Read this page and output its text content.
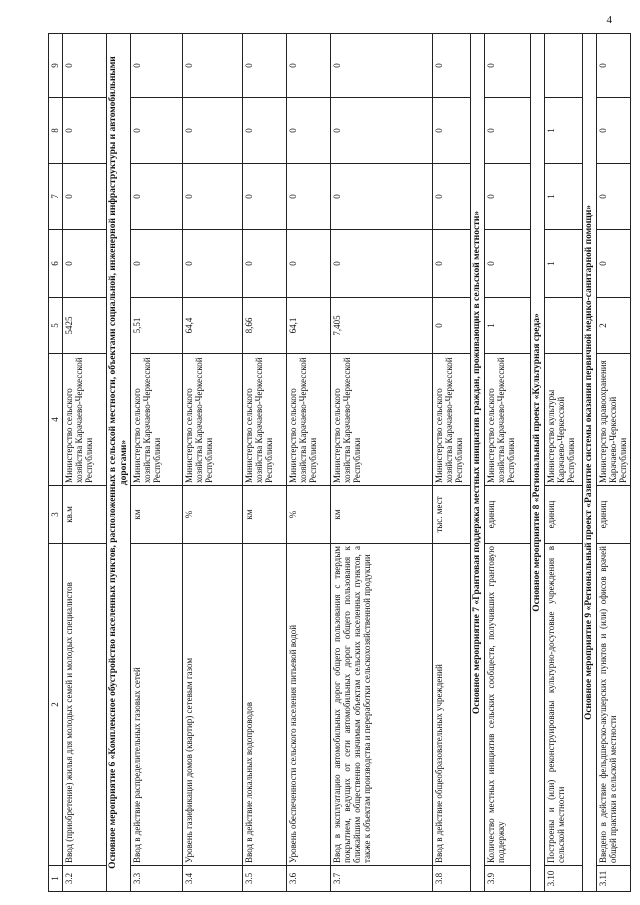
4
1	2	3	4	5	6	7	8	9
3.2	Ввод (приобретение) жилья для молодых семей и молодых специалистов	кв.м	Министерство сельского хозяйства Карачаево-Черкесской Республики	5425	0	0	0	0
Основное мероприятие 6 «Комплексное обустройство населенных пунктов, расположенных в сельской местности, объектами социальной, инженерной инфраструктуры и автомобильными дорогами»								
3.3	Ввод в действие распределительных газовых сетей	км	Министерство сельского хозяйства Карачаево-Черкесской Республики	5,51	0	0	0	0
3.4	Уровень газификации домов (квартир) сетевым газом	%	Министерство сельского хозяйства Карачаево-Черкесской Республики	64,4	0	0	0	0
3.5	Ввод в действие локальных водопроводов	км	Министерство сельского хозяйства Карачаево-Черкесской Республики	8,66	0	0	0	0
3.6	Уровень обеспеченности сельского населения питьевой водой	%	Министерство сельского хозяйства Карачаево-Черкесской Республики	64,1	0	0	0	0
3.7	Ввод в эксплуатацию автомобильных дорог общего пользования с твердым покрытием, ведущих от сети автомобильных дорог общего пользования к ближайшим общественно значимым объектам сельских населенных пунктов, а также к объектам производства и переработки сельскохозяйственной продукции	км	Министерство сельского хозяйства Карачаево-Черкесской Республики	7,405	0	0	0	0
3.8	Ввод в действие общеобразовательных учреждений	тыс. мест	Министерство сельского хозяйства Карачаево-Черкесской Республики	0	0	0	0	0
Основное мероприятие 7 «Грантовая поддержка местных инициатив граждан, проживающих в сельской местности»								
3.9	Количество местных инициатив сельских сообществ, получивших грантовую поддержку	единиц	Министерство сельского хозяйства Карачаево-Черкесской Республики	1	0	0	0	0
Основное мероприятие 8 «Региональный проект «Культурная среда»								
3.10	Построены и (или) реконструированы культурно-досуговые учреждения в сельской местности	единиц	Министерство культуры Карачаево-Черкесской Республики		1	1	1	
Основное мероприятие 9 «Региональный проект «Развитие системы оказания первичной медико-санитарной помощи»								
3.11	Введено в действие фельдшерско-акушерских пунктов и (или) офисов врачей общей практики в сельской местности	единиц	Министерство здравоохранения Карачаево-Черкесской Республики	2	0	0	0	0
